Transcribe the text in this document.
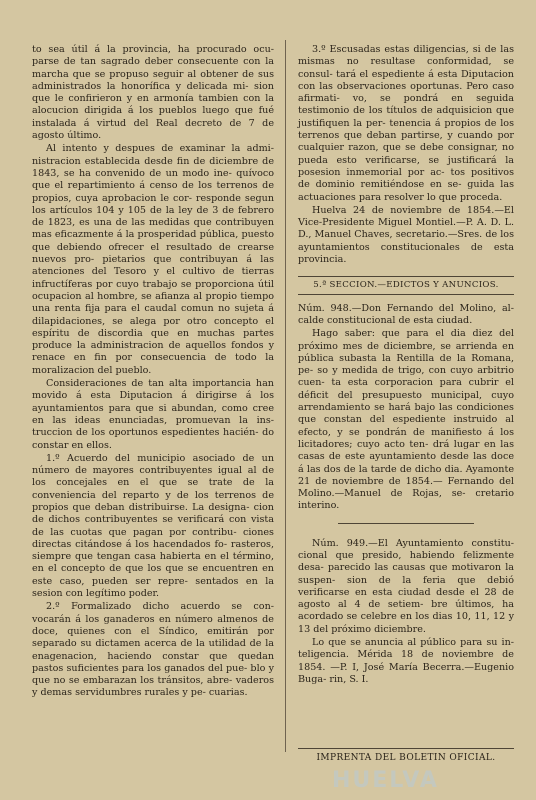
to sea útil á la provincia, ha procurado ocu- parse de tan sagrado deber consecuente con la marcha que se propuso seguir al obtener de sus administrados la honorífica y delicada mi- sion que le confirieron y en armonía tambien con la alocucion dirigida á los pueblos luego que fué instalada á virtud del Real decreto de 7 de agosto último.

Al intento y despues de examinar la admi- nistracion establecida desde fin de diciembre de 1843, se ha convenido de un modo ine- quívoco que el repartimiento á censo de los terrenos de propios, cuya aprobacion le cor- responde segun los artículos 104 y 105 de la ley de 3 de febrero de 1823, es una de las medidas que contribuyen mas eficazmente á la prosperidad pública, puesto que debiendo ofrecer el resultado de crearse nuevos pro- pietarios que contribuyan á las atenciones del Tesoro y el cultivo de tierras infructíferas por cuyo trabajo se proporciona útil ocupacion al hombre, se afianza al propio tiempo una renta fija para el caudal comun no sujeta á dilapidaciones, se alega por otro concepto el espíritu de discordia que en muchas partes produce la administracion de aquellos fondos y renace en fin por consecuencia de todo la moralizacion del pueblo.

Consideraciones de tan alta importancia han movido á esta Diputacion á dirigirse á los ayuntamientos para que si abundan, como cree en las ideas enunciadas, promuevan la ins- truccion de los oportunos espedientes hacién- do constar en ellos.

1.º Acuerdo del municipio asociado de un número de mayores contribuyentes igual al de los concejales en el que se trate de la conveniencia del reparto y de los terrenos de propios que deban distribuirse. La designa- cion de dichos contribuyentes se verificará con vista de las cuotas que pagan por contribu- ciones directas citándose á los hacendados fo- rasteros, siempre que tengan casa habierta en el término, en el concepto de que los que se encuentren en este caso, pueden ser repre- sentados en la sesion con legítimo poder.

2.º Formalizado dicho acuerdo se con- vocarán á los ganaderos en número almenos de doce, quienes con el Síndico, emitirán por separado su dictamen acerca de la utilidad de la enagenacion, haciendo constar que quedan pastos suficientes para los ganados del pue- blo y que no se embarazan los tránsitos, abre- vaderos y demas servidumbres rurales y pe- cuarias.

3.º Escusadas estas diligencias, si de las mismas no resultase conformidad, se consul- tará el espediente á esta Diputacion con las observaciones oportunas. Pero caso afirmati- vo, se pondrá en seguida testimonio de los títulos de adquisicion que justifiquen la per- tenencia á propios de los terrenos que deban partirse, y cuando por cualquier razon, que se debe consignar, no pueda esto verificarse, se justificará la posesion inmemorial por ac- tos positivos de dominio remitiéndose en se- guida las actuaciones para resolver lo que proceda.

Huelva 24 de noviembre de 1854.—El Vice-Presidente Miguel Montiel.—P. A. D. L. D., Manuel Chaves, secretario.—Sres. de los ayuntamientos constitucionales de esta provincia.

5.ª SECCION.—EDICTOS Y ANUNCIOS.

Núm. 948.—Don Fernando del Molino, al- calde constitucional de esta ciudad.

Hago saber: que para el dia diez del próximo mes de diciembre, se arrienda en pública subasta la Rentilla de la Romana, pe- so y medida de trigo, con cuyo arbitrio cuen- ta esta corporacion para cubrir el déficit del presupuesto municipal, cuyo arrendamiento se hará bajo las condiciones que constan del espediente instruido al efecto, y se pondrán de manifiesto á los licitadores; cuyo acto ten- drá lugar en las casas de este ayuntamiento desde las doce á las dos de la tarde de dicho dia. Ayamonte 21 de noviembre de 1854.— Fernando del Molino.—Manuel de Rojas, se- cretario interino.

Núm. 949.—El Ayuntamiento constitu- cional que presido, habiendo felizmente desa- parecido las causas que motivaron la suspen- sion de la feria que debió verificarse en esta ciudad desde el 28 de agosto al 4 de setiem- bre últimos, ha acordado se celebre en los dias 10, 11, 12 y 13 del próximo diciembre.

Lo que se anuncia al público para su in- teligencia. Mérida 18 de noviembre de 1854. —P. I, José María Becerra.—Eugenio Buga- rin, S. I.

IMPRENTA DEL BOLETIN OFICIAL.
HUELVA
